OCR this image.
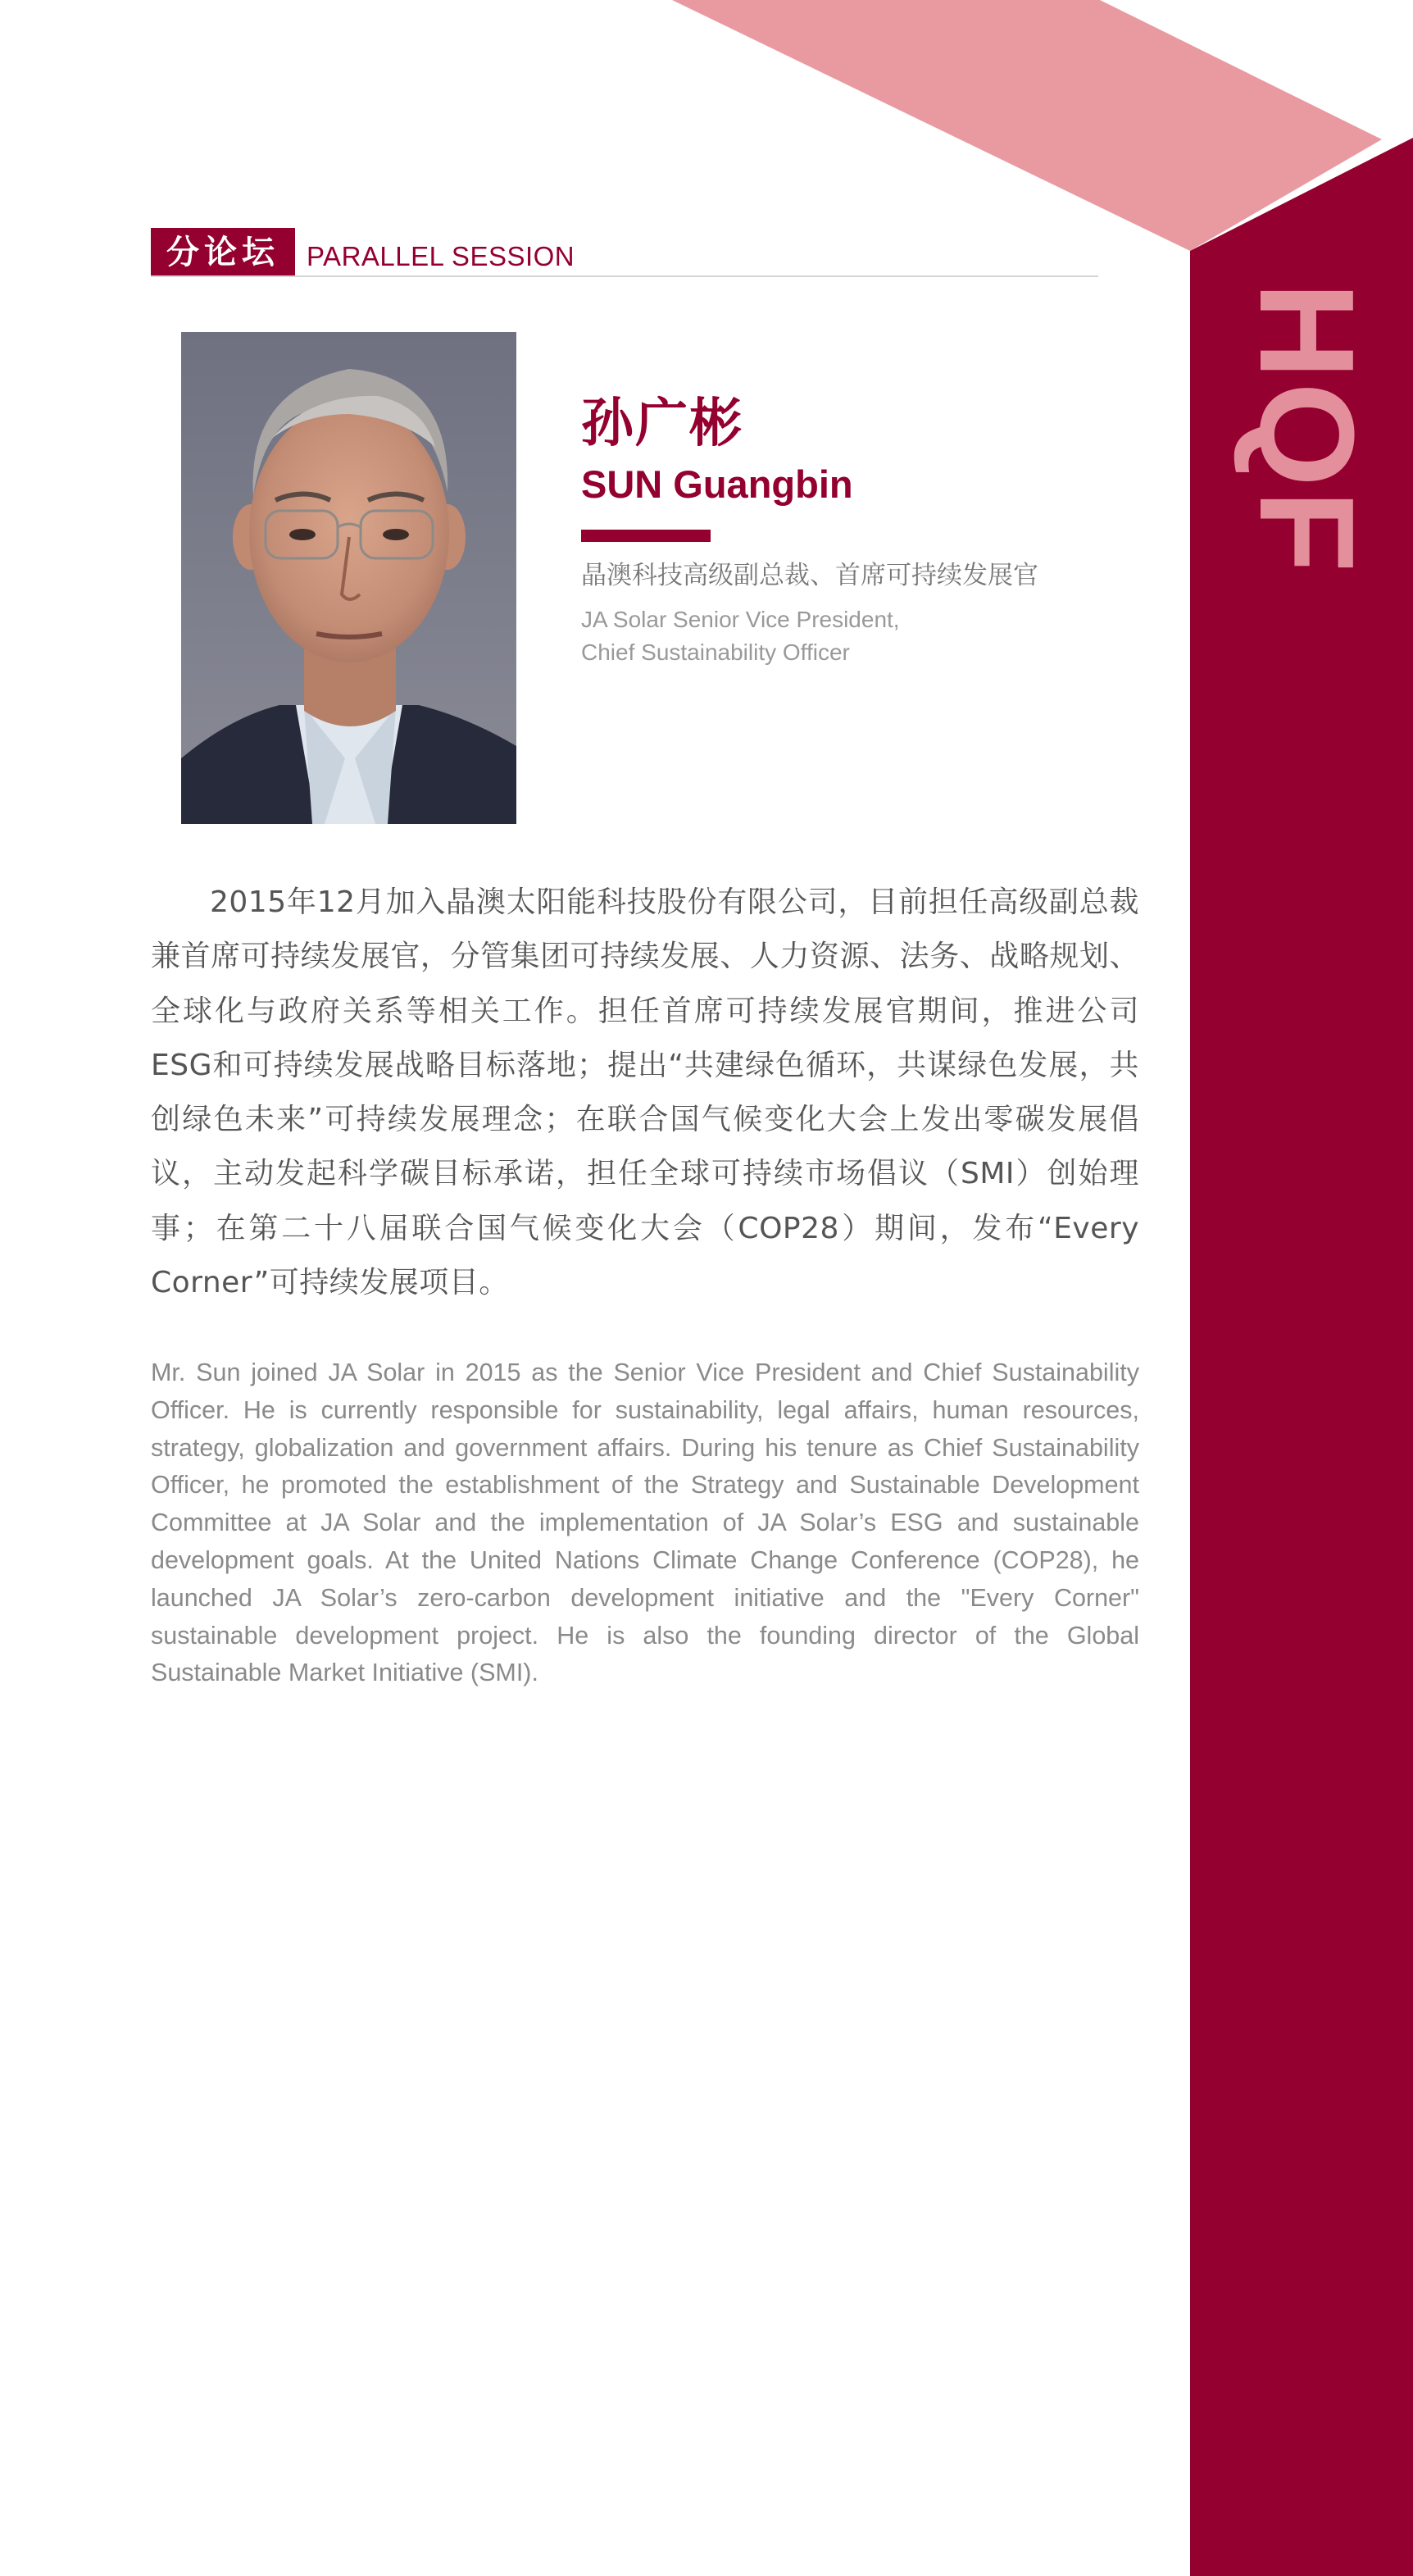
分论坛	PARALLEL SESSION
孙广彬
SUN Guangbin
晶澳科技高级副总裁、首席可持续发展官
JA Solar Senior Vice President,
Chief Sustainability Officer

2015年12月加入晶澳太阳能科技股份有限公司，目前担任高级副总裁兼首席可持续发展官，分管集团可持续发展、人力资源、法务、战略规划、全球化与政府关系等相关工作。担任首席可持续发展官期间，推进公司ESG和可持续发展战略目标落地；提出“共建绿色循环，共谋绿色发展，共创绿色未来”可持续发展理念；在联合国气候变化大会上发出零碳发展倡议，主动发起科学碳目标承诺，担任全球可持续市场倡议（SMI）创始理事；在第二十八届联合国气候变化大会（COP28）期间，发布“Every Corner”可持续发展项目。

Mr. Sun joined JA Solar in 2015 as the Senior Vice President and Chief Sustainability Officer. He is currently responsible for sustainability, legal affairs, human resources, strategy, globalization and government affairs. During his tenure as Chief Sustainability Officer, he promoted the establishment of the Strategy and Sustainable Development Committee at JA Solar and the implementation of JA Solar’s ESG and sustainable development goals. At the United Nations Climate Change Conference (COP28), he launched JA Solar’s zero-carbon development initiative and the "Every Corner" sustainable development project. He is also the founding director of the Global Sustainable Market Initiative (SMI).

HQF
